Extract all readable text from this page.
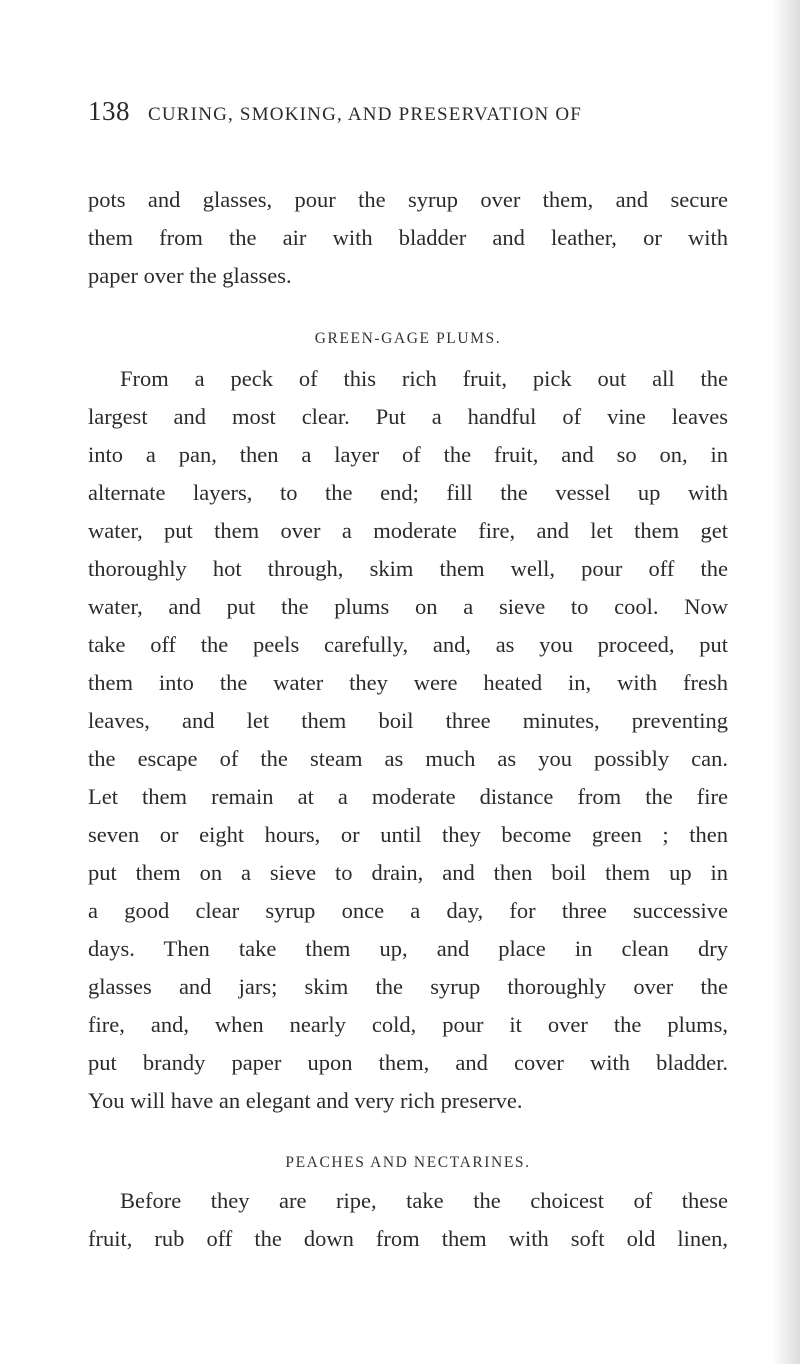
138 CURING, SMOKING, AND PRESERVATION OF
pots and glasses, pour the syrup over them, and secure
them from the air with bladder and leather, or with
paper over the glasses.
GREEN-GAGE PLUMS.
From a peck of this rich fruit, pick out all the
largest and most clear. Put a handful of vine leaves
into a pan, then a layer of the fruit, and so on, in
alternate layers, to the end; fill the vessel up with
water, put them over a moderate fire, and let them get
thoroughly hot through, skim them well, pour off the
water, and put the plums on a sieve to cool. Now
take off the peels carefully, and, as you proceed, put
them into the water they were heated in, with fresh
leaves, and let them boil three minutes, preventing
the escape of the steam as much as you possibly can.
Let them remain at a moderate distance from the fire
seven or eight hours, or until they become green ; then
put them on a sieve to drain, and then boil them up in
a good clear syrup once a day, for three successive
days. Then take them up, and place in clean dry
glasses and jars; skim the syrup thoroughly over the
fire, and, when nearly cold, pour it over the plums,
put brandy paper upon them, and cover with bladder.
You will have an elegant and very rich preserve.
PEACHES AND NECTARINES.
Before they are ripe, take the choicest of these
fruit, rub off the down from them with soft old linen,
